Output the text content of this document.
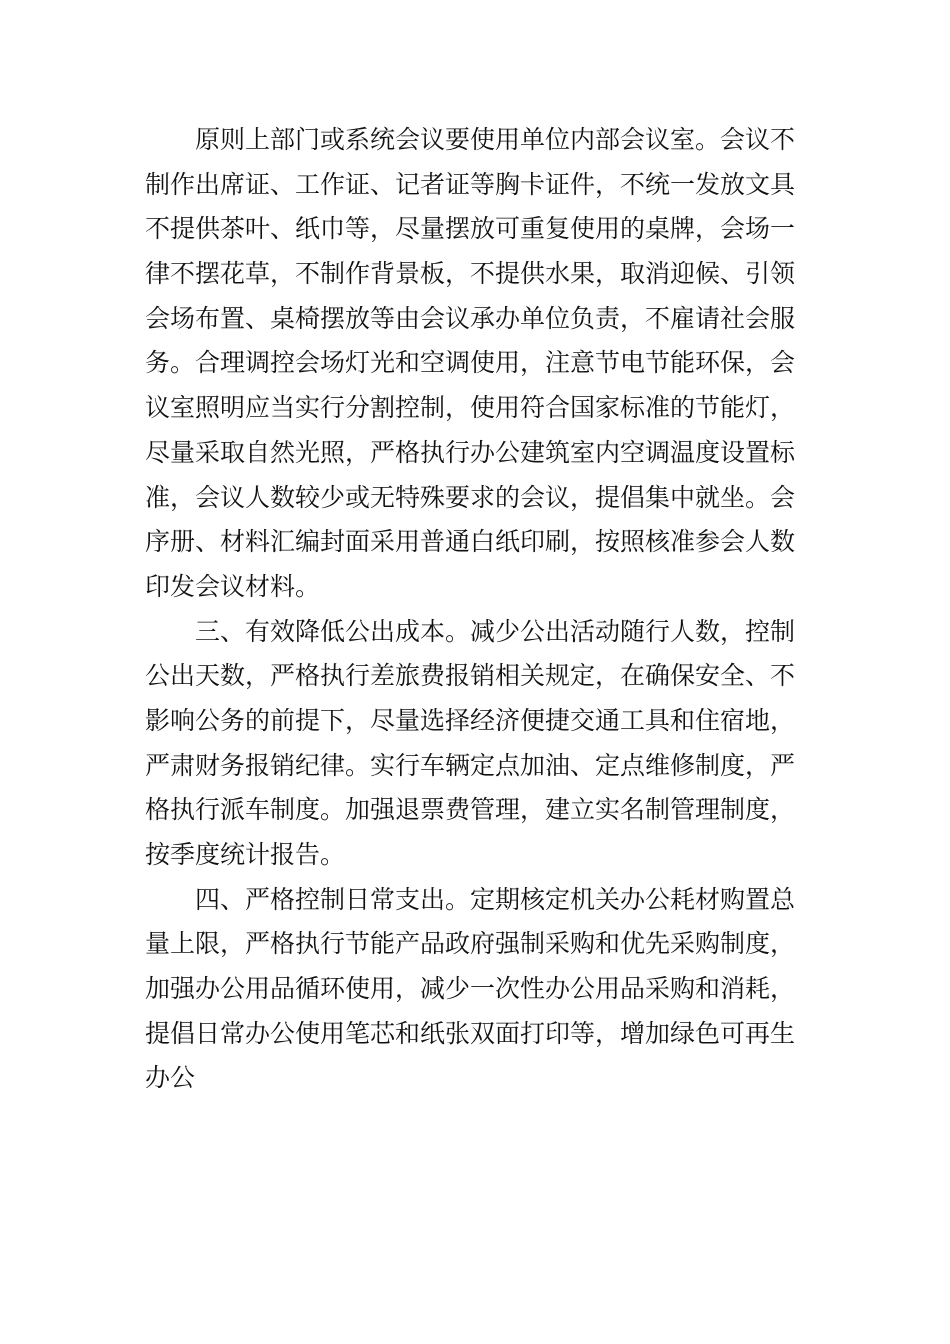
原则上部门或系统会议要使用单位内部会议室。会议不
制作出席证、工作证、记者证等胸卡证件，不统一发放文具
不提供茶叶、纸巾等，尽量摆放可重复使用的桌牌，会场一
律不摆花草，不制作背景板，不提供水果，取消迎候、引领
会场布置、桌椅摆放等由会议承办单位负责，不雇请社会服
务。合理调控会场灯光和空调使用，注意节电节能环保，会
议室照明应当实行分割控制，使用符合国家标准的节能灯，
尽量采取自然光照，严格执行办公建筑室内空调温度设置标
准，会议人数较少或无特殊要求的会议，提倡集中就坐。会
序册、材料汇编封面采用普通白纸印刷，按照核准参会人数
印发会议材料。
三、有效降低公出成本。减少公出活动随行人数，控制
公出天数，严格执行差旅费报销相关规定，在确保安全、不
影响公务的前提下，尽量选择经济便捷交通工具和住宿地，
严肃财务报销纪律。实行车辆定点加油、定点维修制度，严
格执行派车制度。加强退票费管理，建立实名制管理制度，
按季度统计报告。
四、严格控制日常支出。定期核定机关办公耗材购置总
量上限，严格执行节能产品政府强制采购和优先采购制度，
加强办公用品循环使用，减少一次性办公用品采购和消耗，
提倡日常办公使用笔芯和纸张双面打印等，增加绿色可再生
办公
